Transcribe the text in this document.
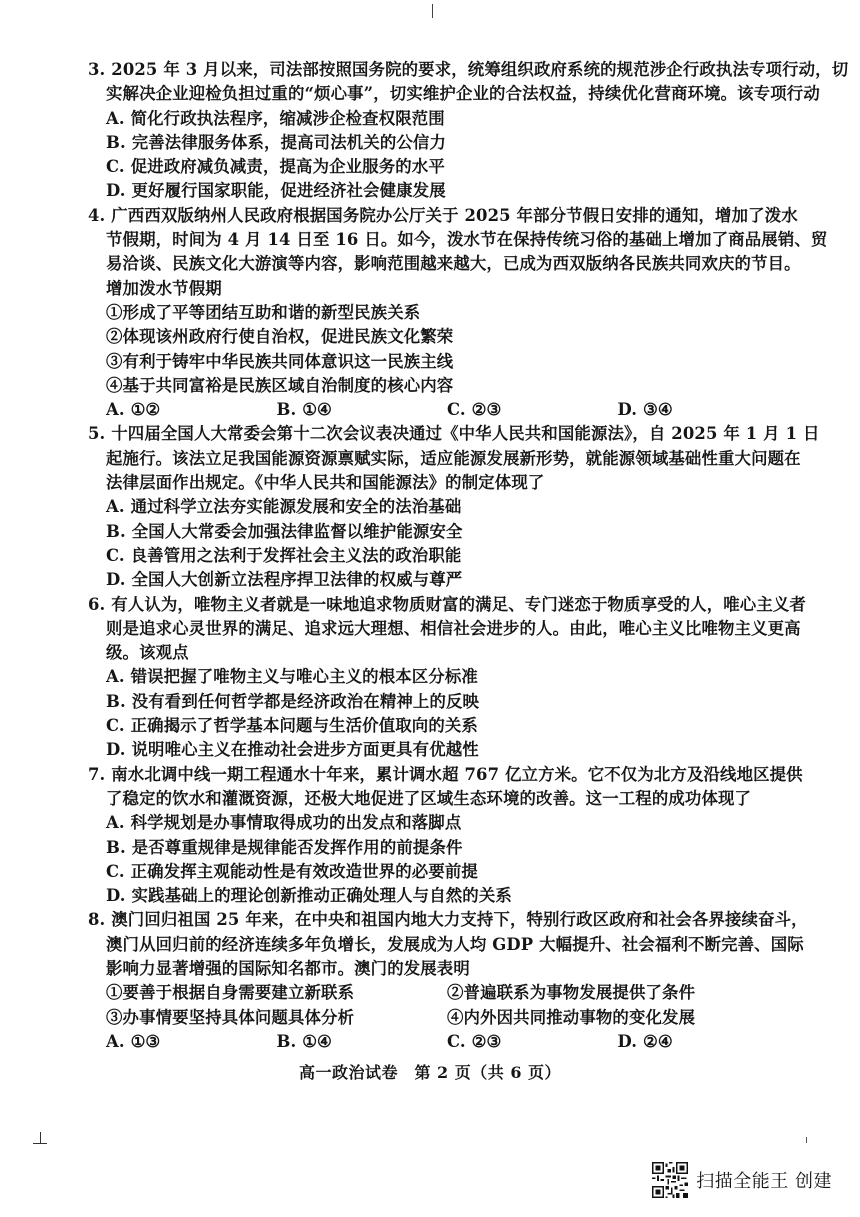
3. 2025 年 3 月以来，司法部按照国务院的要求，统筹组织政府系统的规范涉企行政执法专项行动，切
实解决企业迎检负担过重的“烦心事”，切实维护企业的合法权益，持续优化营商环境。该专项行动
A. 简化行政执法程序，缩减涉企检查权限范围
B. 完善法律服务体系，提高司法机关的公信力
C. 促进政府减负减责，提高为企业服务的水平
D. 更好履行国家职能，促进经济社会健康发展
4. 广西西双版纳州人民政府根据国务院办公厅关于 2025 年部分节假日安排的通知，增加了泼水
节假期，时间为 4 月 14 日至 16 日。如今，泼水节在保持传统习俗的基础上增加了商品展销、贸
易洽谈、民族文化大游演等内容，影响范围越来越大，已成为西双版纳各民族共同欢庆的节目。
增加泼水节假期
①形成了平等团结互助和谐的新型民族关系
②体现该州政府行使自治权，促进民族文化繁荣
③有利于铸牢中华民族共同体意识这一民族主线
④基于共同富裕是民族区域自治制度的核心内容
A. ①②	B. ①④	C. ②③	D. ③④
5. 十四届全国人大常委会第十二次会议表决通过《中华人民共和国能源法》，自 2025 年 1 月 1 日
起施行。该法立足我国能源资源禀赋实际，适应能源发展新形势，就能源领域基础性重大问题在
法律层面作出规定。《中华人民共和国能源法》的制定体现了
A. 通过科学立法夯实能源发展和安全的法治基础
B. 全国人大常委会加强法律监督以维护能源安全
C. 良善管用之法利于发挥社会主义法的政治职能
D. 全国人大创新立法程序捍卫法律的权威与尊严
6. 有人认为，唯物主义者就是一味地追求物质财富的满足、专门迷恋于物质享受的人，唯心主义者
则是追求心灵世界的满足、追求远大理想、相信社会进步的人。由此，唯心主义比唯物主义更高
级。该观点
A. 错误把握了唯物主义与唯心主义的根本区分标准
B. 没有看到任何哲学都是经济政治在精神上的反映
C. 正确揭示了哲学基本问题与生活价值取向的关系
D. 说明唯心主义在推动社会进步方面更具有优越性
7. 南水北调中线一期工程通水十年来，累计调水超 767 亿立方米。它不仅为北方及沿线地区提供
了稳定的饮水和灌溉资源，还极大地促进了区域生态环境的改善。这一工程的成功体现了
A. 科学规划是办事情取得成功的出发点和落脚点
B. 是否尊重规律是规律能否发挥作用的前提条件
C. 正确发挥主观能动性是有效改造世界的必要前提
D. 实践基础上的理论创新推动正确处理人与自然的关系
8. 澳门回归祖国 25 年来，在中央和祖国内地大力支持下，特别行政区政府和社会各界接续奋斗，
澳门从回归前的经济连续多年负增长，发展成为人均 GDP 大幅提升、社会福利不断完善、国际
影响力显著增强的国际知名都市。澳门的发展表明
①要善于根据自身需要建立新联系	②普遍联系为事物发展提供了条件
③办事情要坚持具体问题具体分析	④内外因共同推动事物的变化发展
A. ①③	B. ①④	C. ②③	D. ②④
高一政治试卷　第 2 页（共 6 页）
扫描全能王 创建
